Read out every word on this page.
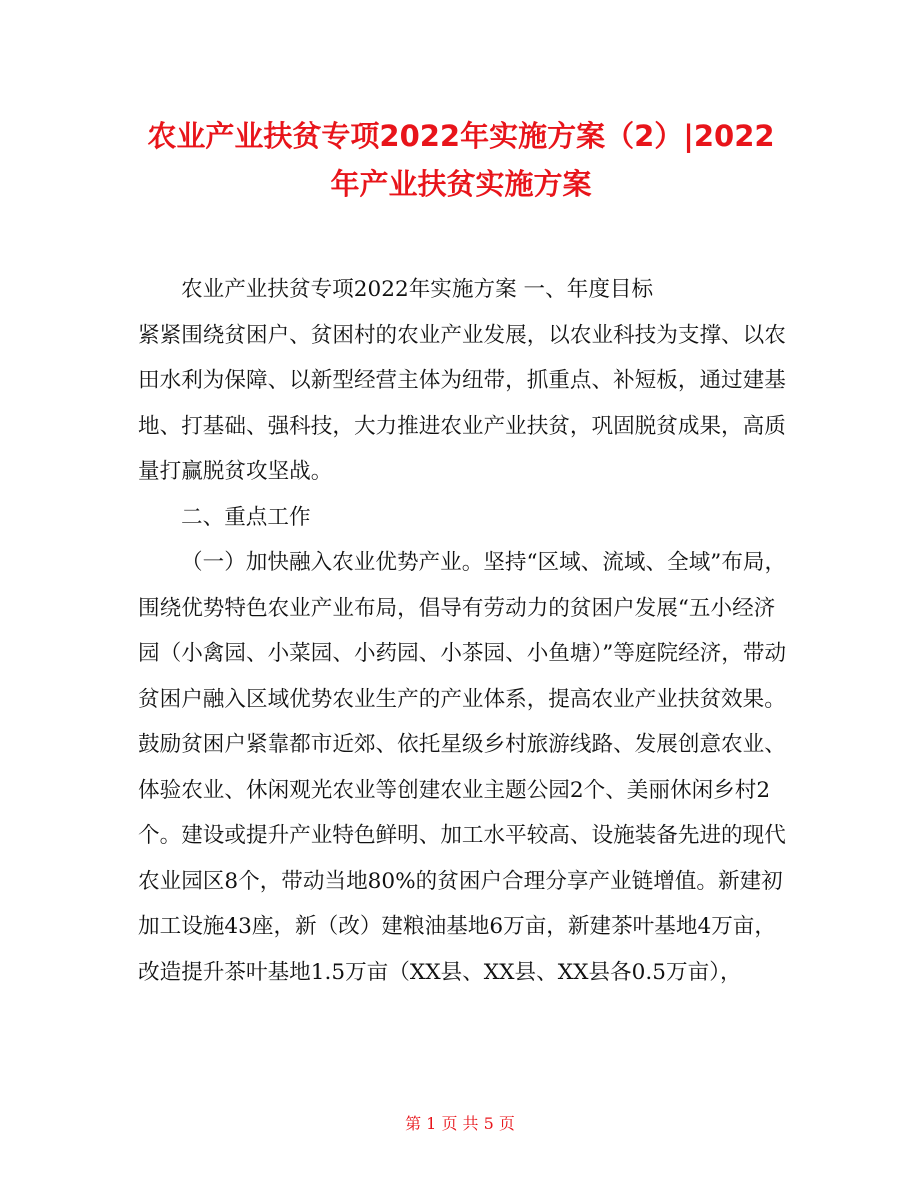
农业产业扶贫专项2022年实施方案（2）|2022年产业扶贫实施方案

农业产业扶贫专项2022年实施方案 一、年度目标

紧紧围绕贫困户、贫困村的农业产业发展，以农业科技为支撑、以农田水利为保障、以新型经营主体为纽带，抓重点、补短板，通过建基地、打基础、强科技，大力推进农业产业扶贫，巩固脱贫成果，高质量打赢脱贫攻坚战。

二、重点工作

（一）加快融入农业优势产业。坚持“区域、流域、全域”布局，围绕优势特色农业产业布局，倡导有劳动力的贫困户发展“五小经济园（小禽园、小菜园、小药园、小茶园、小鱼塘）”等庭院经济，带动贫困户融入区域优势农业生产的产业体系，提高农业产业扶贫效果。鼓励贫困户紧靠都市近郊、依托星级乡村旅游线路、发展创意农业、体验农业、休闲观光农业等创建农业主题公园2个、美丽休闲乡村2个。建设或提升产业特色鲜明、加工水平较高、设施装备先进的现代农业园区8个，带动当地80%的贫困户合理分享产业链增值。新建初加工设施43座，新（改）建粮油基地6万亩，新建茶叶基地4万亩，改造提升茶叶基地1.5万亩（XX县、XX县、XX县各0.5万亩），

第 1 页 共 5 页
